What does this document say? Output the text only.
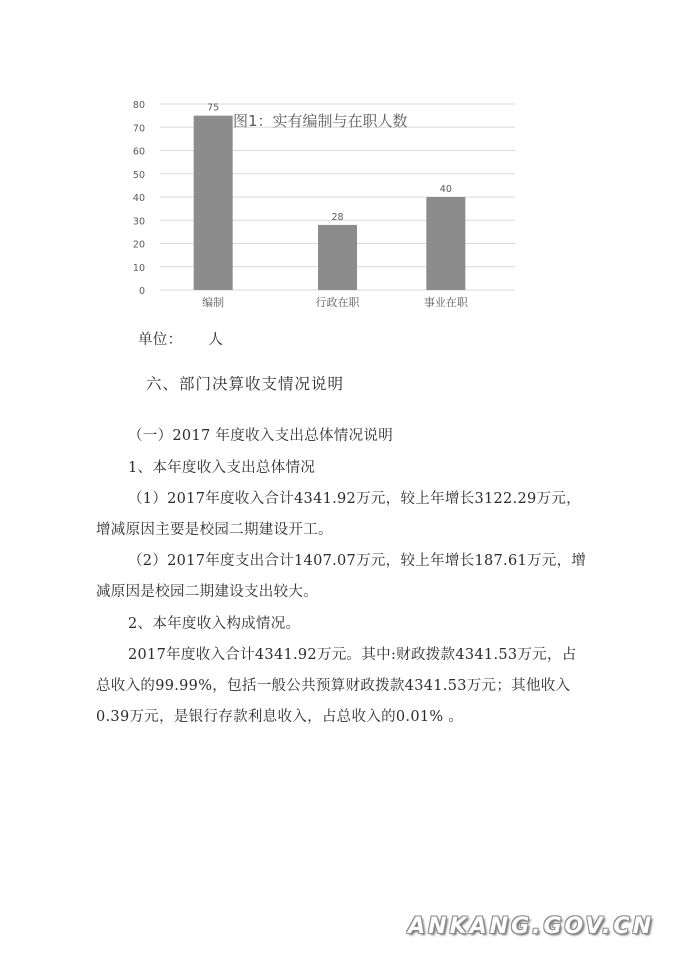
0
10
20
30
40
50
60
70
80	75
28
40
编制	行政在职	事业在职
图1：实有编制与在职人数
单位： 人
六、部门决算收支情况说明
（一）2017 年度收入支出总体情况说明
1、本年度收入支出总体情况
（1）2017年度收入合计4341.92万元，较上年增长3122.29万元，
增减原因主要是校园二期建设开工。
（2）2017年度支出合计1407.07万元，较上年增长187.61万元，增
减原因是校园二期建设支出较大。
2、本年度收入构成情况。
2017年度收入合计4341.92万元。其中:财政拨款4341.53万元，占
总收入的99.99%，包括一般公共预算财政拨款4341.53万元；其他收入
0.39万元，是银行存款利息收入，占总收入的0.01% 。
ANKANG.GOV.CN
